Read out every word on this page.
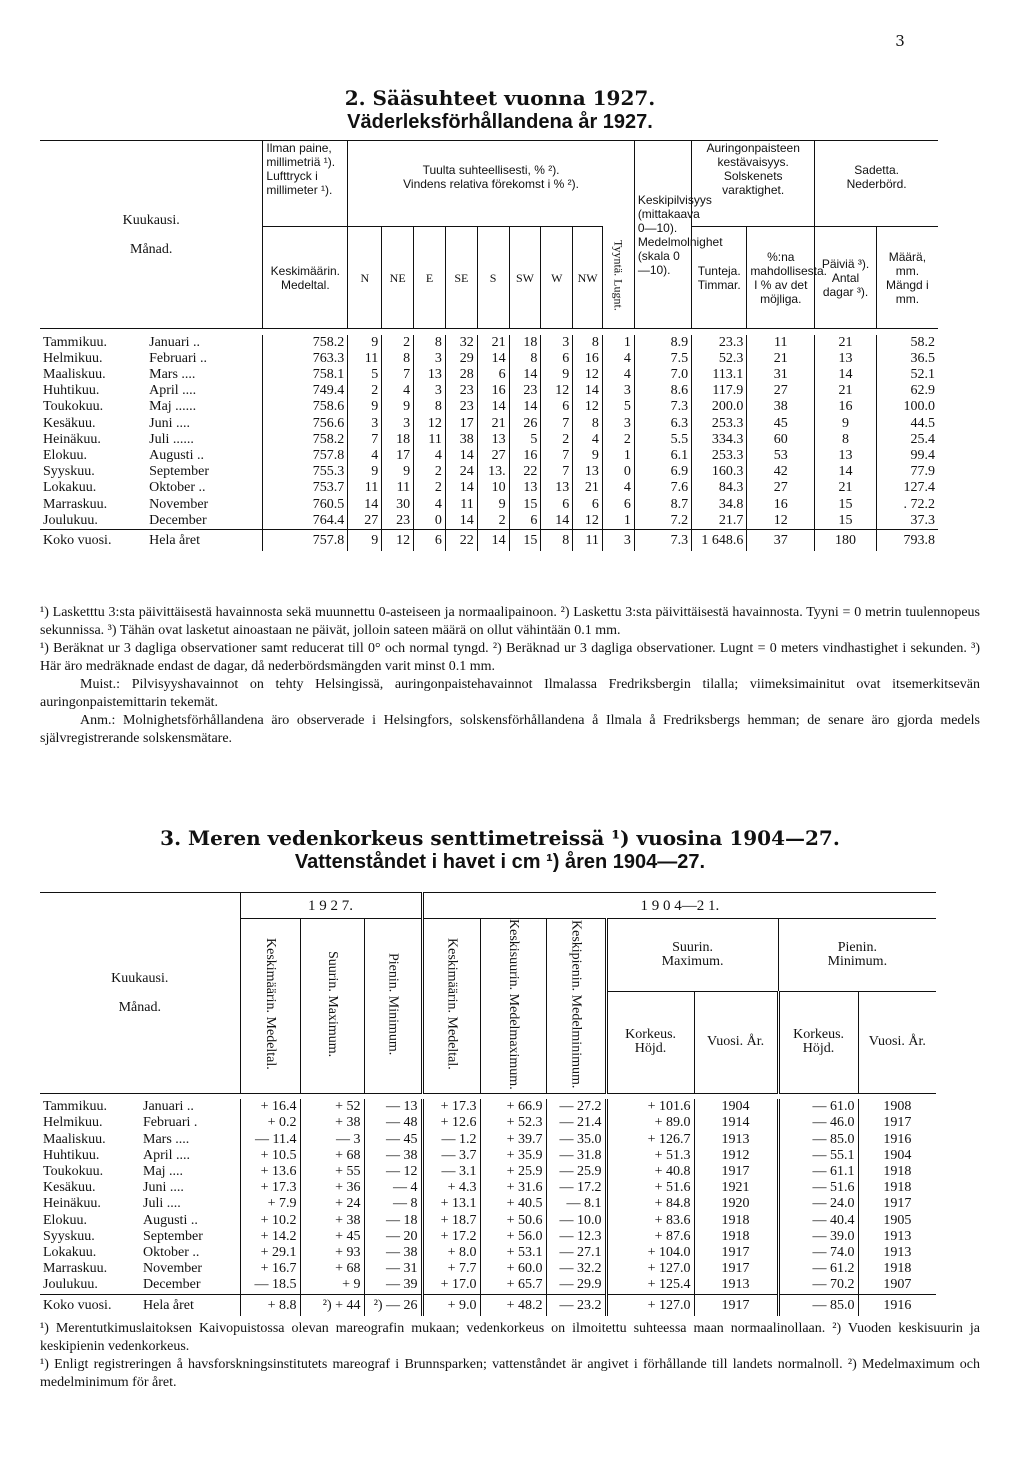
3
2. Sääsuhteet vuonna 1927.
Väderleksförhållandena år 1927.
Kuukausi.

Månad.		Ilman paine, millimetriä ¹).
Lufttryck i millimeter ¹).	Tuulta suhteellisesti, % ²).
Vindens relativa förekomst i % ²).									Keskipilvisyys (mittakaava 0—10).
Medelmolnighet (skala 0—10).	Auringonpaisteen kestävaisyys.
Solskenets varaktighet.		Sadetta.
Nederbörd.	
		Keskimäärin.
Medeltal.	N	NE	E	SE	S	SW	W	NW	Tyyntä. Lugnt.		Tunteja. Timmar.	%:na mahdollisesta. I % av det möjliga.	Päiviä ³). Antal dagar ³).	Määrä, mm. Mängd i mm.

Tammikuu.	Januari ..	758.2	9	2	8	32	21	18	3	8	1	8.9	23.3	11	21	58.2
Helmikuu.	Februari ..	763.3	11	8	3	29	14	8	6	16	4	7.5	52.3	21	13	36.5
Maaliskuu.	Mars ....	758.1	5	7	13	28	6	14	9	12	4	7.0	113.1	31	14	52.1
Huhtikuu.	April ....	749.4	2	4	3	23	16	23	12	14	3	8.6	117.9	27	21	62.9
Toukokuu.	Maj ......	758.6	9	9	8	23	14	14	6	12	5	7.3	200.0	38	16	100.0
Kesäkuu.	Juni ....	756.6	3	3	12	17	21	26	7	8	3	6.3	253.3	45	9	44.5
Heinäkuu.	Juli ......	758.2	7	18	11	38	13	5	2	4	2	5.5	334.3	60	8	25.4
Elokuu.	Augusti ..	757.8	4	17	4	14	27	16	7	9	1	6.1	253.3	53	13	99.4
Syyskuu.	September	755.3	9	9	2	24	13.	22	7	13	0	6.9	160.3	42	14	77.9
Lokakuu.	Oktober ..	753.7	11	11	2	14	10	13	13	21	4	7.6	84.3	27	21	127.4
Marraskuu.	November	760.5	14	30	4	11	9	15	6	6	6	8.7	34.8	16	15	. 72.2
Joulukuu.	December	764.4	27	23	0	14	2	6	14	12	1	7.2	21.7	12	15	37.3
Koko vuosi.	Hela året	757.8	9	12	6	22	14	15	8	11	3	7.3	1 648.6	37	180	793.8

¹) Lasketttu 3:sta päivittäisestä havainnosta sekä muunnettu 0-asteiseen ja normaalipainoon. ²) Laskettu 3:sta päivittäisestä havainnosta. Tyyni = 0 metrin tuulennopeus sekunnissa. ³) Tähän ovat lasketut ainoastaan ne päivät, jolloin sateen määrä on ollut vähintään 0.1 mm.

¹) Beräknat ur 3 dagliga observationer samt reducerat till 0° och normal tyngd. ²) Beräknad ur 3 dagliga observationer. Lugnt = 0 meters vindhastighet i sekunden. ³) Här äro medräknade endast de dagar, då nederbördsmängden varit minst 0.1 mm.

Muist.: Pilvisyyshavainnot on tehty Helsingissä, auringonpaistehavainnot Ilmalassa Fredriksbergin tilalla; viimeksimainitut ovat itsemerkitsevän auringonpaistemittarin tekemät.

Anm.: Molnighetsförhållandena äro observerade i Helsingfors, solskensförhållandena å Ilmala å Fredriksbergs hemman; de senare äro gjorda medels självregistrerande solskensmätare.

3. Meren vedenkorkeus senttimetreissä ¹) vuosina 1904—27.
Vattenståndet i havet i cm ¹) åren 1904—27.
Kuukausi.

Månad.		1 9 2 7.			1 9 0 4—2 1.						
		Keskimäärin. Medeltal.	Suurin. Maximum.	Pienin. Minimum.	Keskimäärin. Medeltal.	Keskisuurin. Medelmaximum.	Keskipienin. Medelminimum.	Suurin.
Maximum.		Pienin.
Minimum.	
								Korkeus. Höjd.	Vuosi. År.	Korkeus. Höjd.	Vuosi. År.

Tammikuu.	Januari ..	+ 16.4	+ 52	— 13	+ 17.3	+ 66.9	— 27.2	+ 101.6	1904	— 61.0	1908
Helmikuu.	Februari .	+ 0.2	+ 38	— 48	+ 12.6	+ 52.3	— 21.4	+ 89.0	1914	— 46.0	1917
Maaliskuu.	Mars ....	— 11.4	— 3	— 45	— 1.2	+ 39.7	— 35.0	+ 126.7	1913	— 85.0	1916
Huhtikuu.	April ....	+ 10.5	+ 68	— 38	— 3.7	+ 35.9	— 31.8	+ 51.3	1912	— 55.1	1904
Toukokuu.	Maj ....	+ 13.6	+ 55	— 12	— 3.1	+ 25.9	— 25.9	+ 40.8	1917	— 61.1	1918
Kesäkuu.	Juni ....	+ 17.3	+ 36	— 4	+ 4.3	+ 31.6	— 17.2	+ 51.6	1921	— 51.6	1918
Heinäkuu.	Juli ....	+ 7.9	+ 24	— 8	+ 13.1	+ 40.5	— 8.1	+ 84.8	1920	— 24.0	1917
Elokuu.	Augusti ..	+ 10.2	+ 38	— 18	+ 18.7	+ 50.6	— 10.0	+ 83.6	1918	— 40.4	1905
Syyskuu.	September	+ 14.2	+ 45	— 20	+ 17.2	+ 56.0	— 12.3	+ 87.6	1918	— 39.0	1913
Lokakuu.	Oktober ..	+ 29.1	+ 93	— 38	+ 8.0	+ 53.1	— 27.1	+ 104.0	1917	— 74.0	1913
Marraskuu.	November	+ 16.7	+ 68	— 31	+ 7.7	+ 60.0	— 32.2	+ 127.0	1917	— 61.2	1918
Joulukuu.	December	— 18.5	+ 9	— 39	+ 17.0	+ 65.7	— 29.9	+ 125.4	1913	— 70.2	1907
Koko vuosi.	Hela året	+ 8.8	²) + 44	²) — 26	+ 9.0	+ 48.2	— 23.2	+ 127.0	1917	— 85.0	1916

¹) Merentutkimuslaitoksen Kaivopuistossa olevan mareografin mukaan; vedenkorkeus on ilmoitettu suhteessa maan normaalinollaan. ²) Vuoden keskisuurin ja keskipienin vedenkorkeus.

¹) Enligt registreringen å havsforskningsinstitutets mareograf i Brunnsparken; vattenståndet är angivet i förhållande till landets normalnoll. ²) Medelmaximum och medelminimum för året.
